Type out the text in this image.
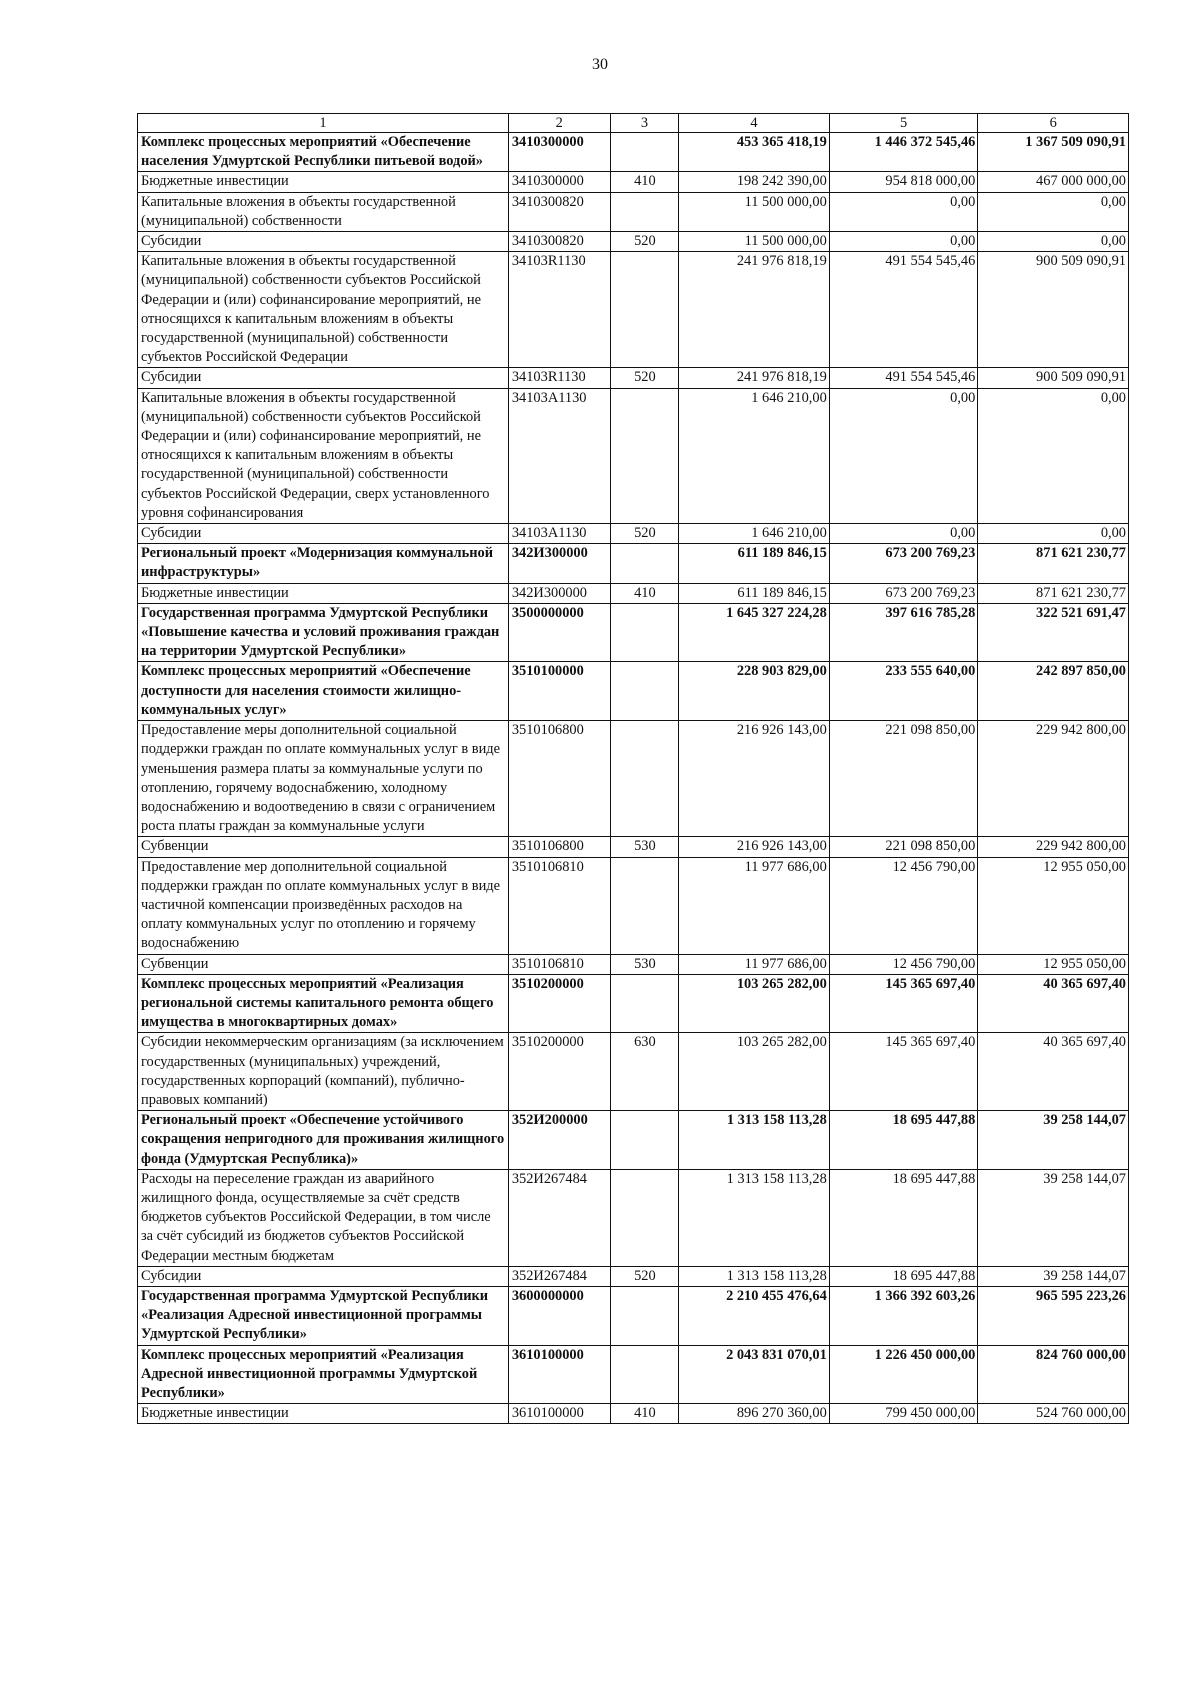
30
1	2	3	4	5	6
Комплекс процессных мероприятий «Обеспечение населения Удмуртской Республики питьевой водой»	3410300000		453 365 418,19	1 446 372 545,46	1 367 509 090,91
Бюджетные инвестиции	3410300000	410	198 242 390,00	954 818 000,00	467 000 000,00
Капитальные вложения в объекты государственной (муниципальной) собственности	3410300820		11 500 000,00	0,00	0,00
Субсидии	3410300820	520	11 500 000,00	0,00	0,00
Капитальные вложения в объекты государственной (муниципальной) собственности субъектов Российской Федерации и (или) софинансирование мероприятий, не относящихся к капитальным вложениям в объекты государственной (муниципальной) собственности субъектов Российской Федерации	34103R1130		241 976 818,19	491 554 545,46	900 509 090,91
Субсидии	34103R1130	520	241 976 818,19	491 554 545,46	900 509 090,91
Капитальные вложения в объекты государственной (муниципальной) собственности субъектов Российской Федерации и (или) софинансирование мероприятий, не относящихся к капитальным вложениям в объекты государственной (муниципальной) собственности субъектов Российской Федерации, сверх установленного уровня софинансирования	34103A1130		1 646 210,00	0,00	0,00
Субсидии	34103A1130	520	1 646 210,00	0,00	0,00
Региональный проект «Модернизация коммунальной инфраструктуры»	342И300000		611 189 846,15	673 200 769,23	871 621 230,77
Бюджетные инвестиции	342И300000	410	611 189 846,15	673 200 769,23	871 621 230,77
Государственная программа Удмуртской Республики «Повышение качества и условий проживания граждан на территории Удмуртской Республики»	3500000000		1 645 327 224,28	397 616 785,28	322 521 691,47
Комплекс процессных мероприятий «Обеспечение доступности для населения стоимости жилищно-коммунальных услуг»	3510100000		228 903 829,00	233 555 640,00	242 897 850,00
Предоставление меры дополнительной социальной поддержки граждан по оплате коммунальных услуг в виде уменьшения размера платы за коммунальные услуги по отоплению, горячему водоснабжению, холодному водоснабжению и водоотведению в связи с ограничением роста платы граждан за коммунальные услуги	3510106800		216 926 143,00	221 098 850,00	229 942 800,00
Субвенции	3510106800	530	216 926 143,00	221 098 850,00	229 942 800,00
Предоставление мер дополнительной социальной поддержки граждан по оплате коммунальных услуг в виде частичной компенсации произведённых расходов на оплату коммунальных услуг по отоплению и горячему водоснабжению	3510106810		11 977 686,00	12 456 790,00	12 955 050,00
Субвенции	3510106810	530	11 977 686,00	12 456 790,00	12 955 050,00
Комплекс процессных мероприятий «Реализация региональной системы капитального ремонта общего имущества в многоквартирных домах»	3510200000		103 265 282,00	145 365 697,40	40 365 697,40
Субсидии некоммерческим организациям (за исключением государственных (муниципальных) учреждений, государственных корпораций (компаний), публично-правовых компаний)	3510200000	630	103 265 282,00	145 365 697,40	40 365 697,40
Региональный проект «Обеспечение устойчивого сокращения непригодного для проживания жилищного фонда (Удмуртская Республика)»	352И200000		1 313 158 113,28	18 695 447,88	39 258 144,07
Расходы на переселение граждан из аварийного жилищного фонда, осуществляемые за счёт средств бюджетов субъектов Российской Федерации, в том числе за счёт субсидий из бюджетов субъектов Российской Федерации местным бюджетам	352И267484		1 313 158 113,28	18 695 447,88	39 258 144,07
Субсидии	352И267484	520	1 313 158 113,28	18 695 447,88	39 258 144,07
Государственная программа Удмуртской Республики «Реализация Адресной инвестиционной программы Удмуртской Республики»	3600000000		2 210 455 476,64	1 366 392 603,26	965 595 223,26
Комплекс процессных мероприятий «Реализация Адресной инвестиционной программы Удмуртской Республики»	3610100000		2 043 831 070,01	1 226 450 000,00	824 760 000,00
Бюджетные инвестиции	3610100000	410	896 270 360,00	799 450 000,00	524 760 000,00
